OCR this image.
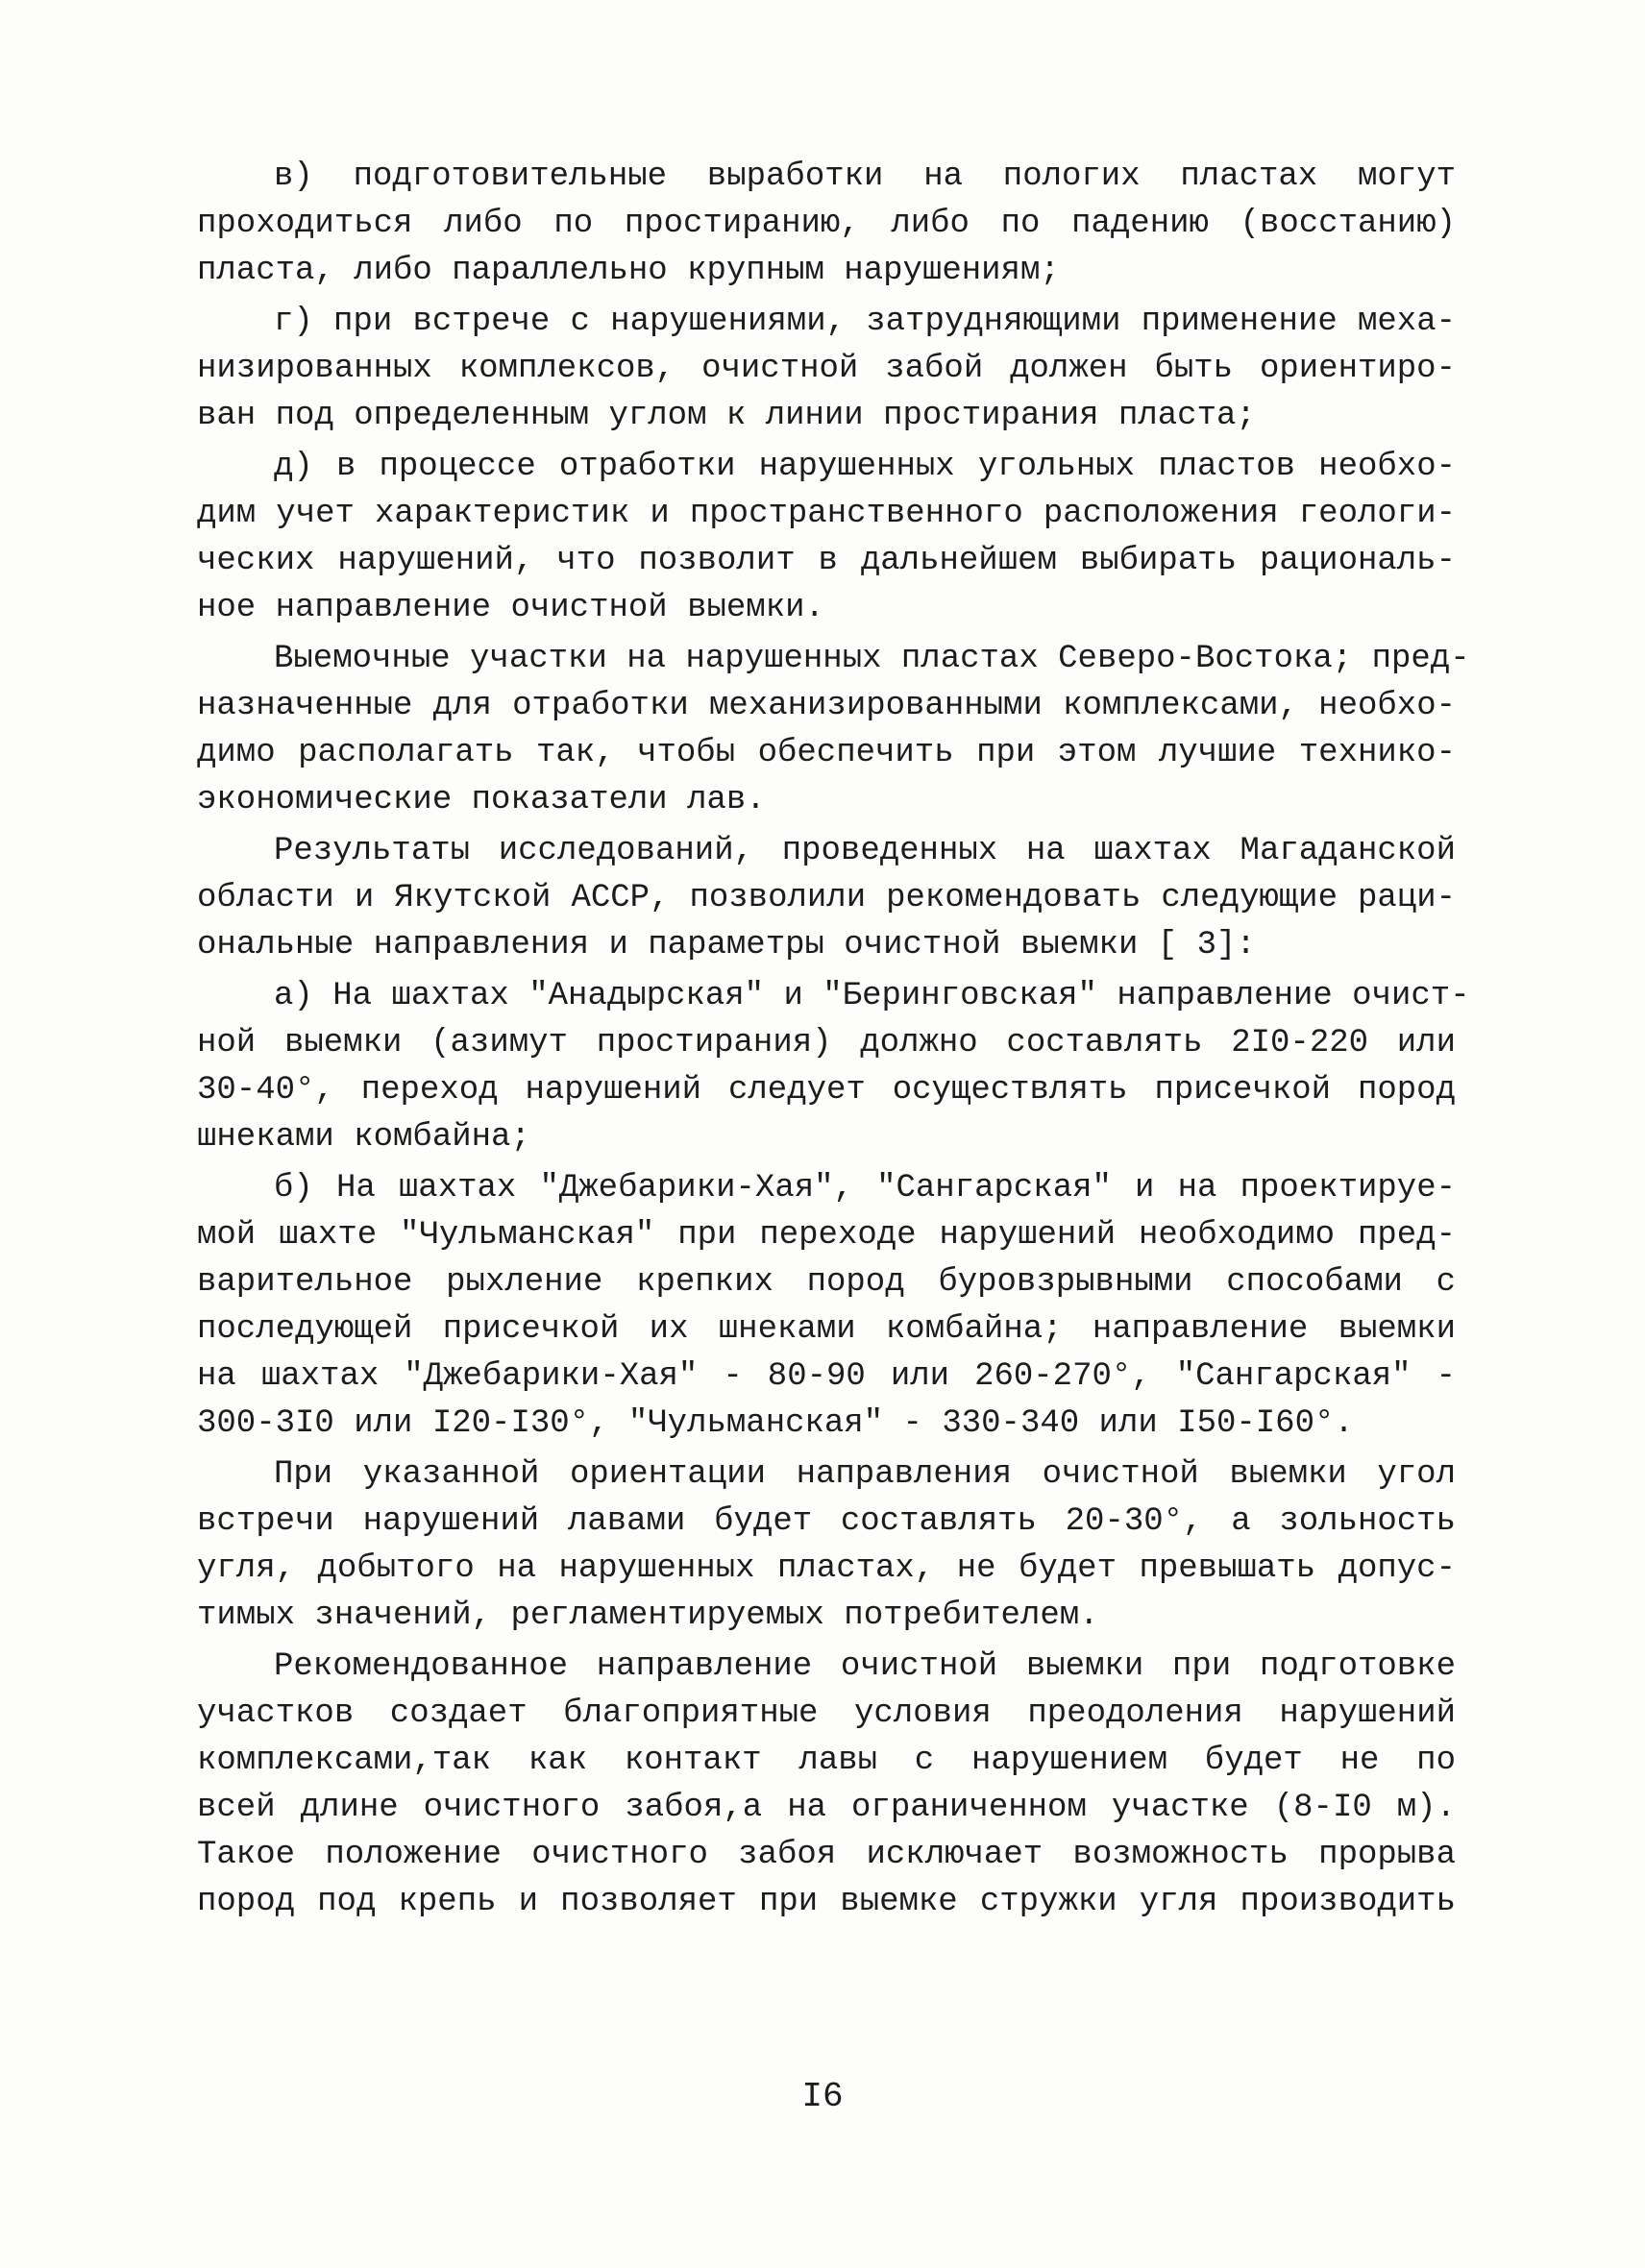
в) подготовительные выработки на пологих пластах могут
проходиться либо по простиранию, либо по падению (восстанию)
пласта, либо параллельно крупным нарушениям;
г) при встрече с нарушениями, затрудняющими применение меха-
низированных комплексов, очистной забой должен быть ориентиро-
ван под определенным углом к линии простирания пласта;
д) в процессе отработки нарушенных угольных пластов необхо-
дим учет характеристик и пространственного расположения геологи-
ческих нарушений, что позволит в дальнейшем выбирать рациональ-
ное направление очистной выемки.
Выемочные участки на нарушенных пластах Северо-Востока; пред-
назначенные для отработки механизированными комплексами, необхо-
димо располагать так, чтобы обеспечить при этом лучшие технико-
экономические показатели лав.
Результаты исследований, проведенных на шахтах Магаданской
области и Якутской АССР, позволили рекомендовать следующие раци-
ональные направления и параметры очистной выемки [ 3]:
а) На шахтах "Анадырская" и "Беринговская" направление очист-
ной выемки (азимут простирания) должно составлять 2I0-220 или
30-40°, переход нарушений следует осуществлять присечкой пород
шнеками комбайна;
б) На шахтах "Джебарики-Хая", "Сангарская" и на проектируе-
мой шахте "Чульманская" при переходе нарушений необходимо пред-
варительное рыхление крепких пород буровзрывными способами с
последующей присечкой их шнеками комбайна; направление выемки
на шахтах "Джебарики-Хая" - 80-90 или 260-270°, "Сангарская" -
300-3I0 или I20-I30°, "Чульманская" - 330-340 или I50-I60°.
При указанной ориентации направления очистной выемки угол
встречи нарушений лавами будет составлять 20-30°, а зольность
угля, добытого на нарушенных пластах, не будет превышать допус-
тимых значений, регламентируемых потребителем.
Рекомендованное направление очистной выемки при подготовке
участков создает благоприятные условия преодоления нарушений
комплексами,так как контакт лавы с нарушением будет не по
всей длине очистного забоя,а на ограниченном участке (8-I0 м).
Такое положение очистного забоя исключает возможность прорыва
пород под крепь и позволяет при выемке стружки угля производить
I6
